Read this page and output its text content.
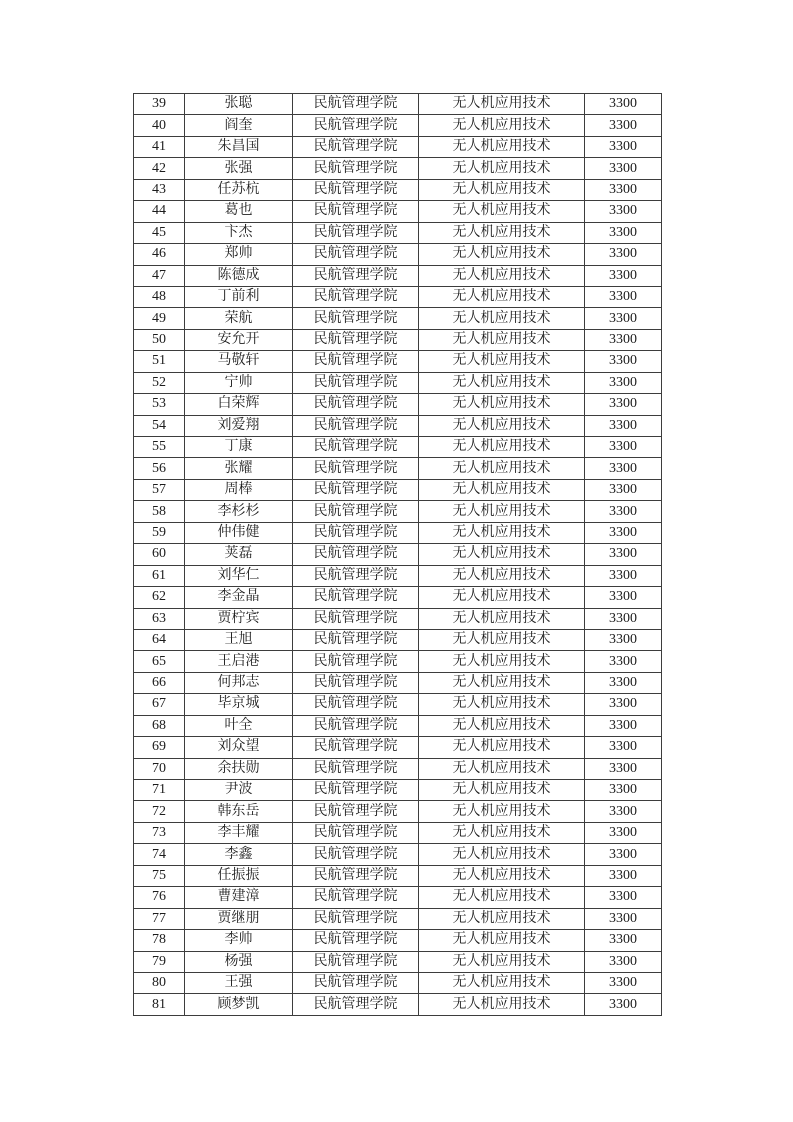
39	张聪	民航管理学院	无人机应用技术	3300
40	阎奎	民航管理学院	无人机应用技术	3300
41	朱昌国	民航管理学院	无人机应用技术	3300
42	张强	民航管理学院	无人机应用技术	3300
43	任苏杭	民航管理学院	无人机应用技术	3300
44	葛也	民航管理学院	无人机应用技术	3300
45	卞杰	民航管理学院	无人机应用技术	3300
46	郑帅	民航管理学院	无人机应用技术	3300
47	陈德成	民航管理学院	无人机应用技术	3300
48	丁前利	民航管理学院	无人机应用技术	3300
49	荣航	民航管理学院	无人机应用技术	3300
50	安允开	民航管理学院	无人机应用技术	3300
51	马敬轩	民航管理学院	无人机应用技术	3300
52	宁帅	民航管理学院	无人机应用技术	3300
53	白荣辉	民航管理学院	无人机应用技术	3300
54	刘爱翔	民航管理学院	无人机应用技术	3300
55	丁康	民航管理学院	无人机应用技术	3300
56	张耀	民航管理学院	无人机应用技术	3300
57	周棒	民航管理学院	无人机应用技术	3300
58	李杉杉	民航管理学院	无人机应用技术	3300
59	仲伟健	民航管理学院	无人机应用技术	3300
60	荚磊	民航管理学院	无人机应用技术	3300
61	刘华仁	民航管理学院	无人机应用技术	3300
62	李金晶	民航管理学院	无人机应用技术	3300
63	贾柠宾	民航管理学院	无人机应用技术	3300
64	王旭	民航管理学院	无人机应用技术	3300
65	王启港	民航管理学院	无人机应用技术	3300
66	何邦志	民航管理学院	无人机应用技术	3300
67	毕京城	民航管理学院	无人机应用技术	3300
68	叶全	民航管理学院	无人机应用技术	3300
69	刘众望	民航管理学院	无人机应用技术	3300
70	余扶勋	民航管理学院	无人机应用技术	3300
71	尹波	民航管理学院	无人机应用技术	3300
72	韩东岳	民航管理学院	无人机应用技术	3300
73	李丰耀	民航管理学院	无人机应用技术	3300
74	李鑫	民航管理学院	无人机应用技术	3300
75	任振振	民航管理学院	无人机应用技术	3300
76	曹建漳	民航管理学院	无人机应用技术	3300
77	贾继朋	民航管理学院	无人机应用技术	3300
78	李帅	民航管理学院	无人机应用技术	3300
79	杨强	民航管理学院	无人机应用技术	3300
80	王强	民航管理学院	无人机应用技术	3300
81	顾梦凯	民航管理学院	无人机应用技术	3300
